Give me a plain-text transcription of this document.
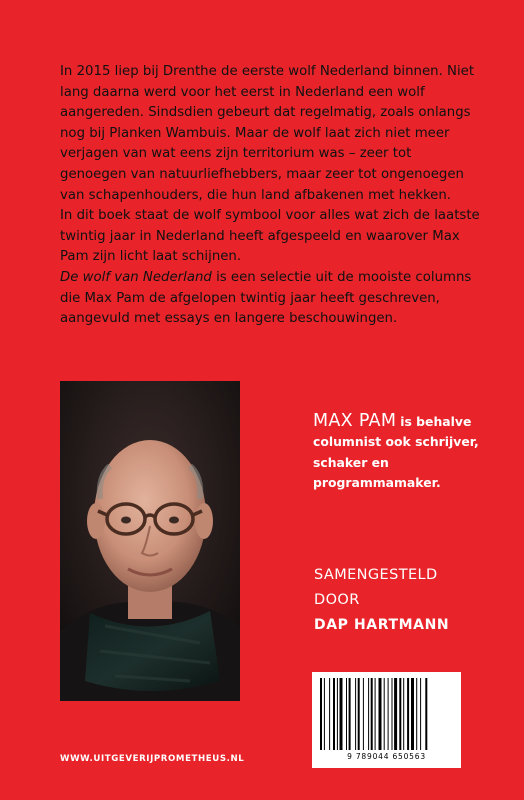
In 2015 liep bij Drenthe de eerste wolf Nederland binnen. Niet lang daarna werd voor het eerst in Nederland een wolf aangereden. Sindsdien gebeurt dat regelmatig, zoals onlangs nog bij Planken Wambuis. Maar de wolf laat zich niet meer verjagen van wat eens zijn territorium was – zeer tot genoegen van natuurliefhebbers, maar zeer tot ongenoegen van schapenhouders, die hun land afbakenen met hekken.

In dit boek staat de wolf symbool voor alles wat zich de laatste twintig jaar in Nederland heeft afgespeeld en waarover Max Pam zijn licht laat schijnen.

De wolf van Nederland is een selectie uit de mooiste columns die Max Pam de afgelopen twintig jaar heeft geschreven, aangevuld met essays en langere beschouwingen.

MAX PAM is behalve columnist ook schrijver, schaker en programmamaker.
SAMENGESTELD
DOOR
DAP HARTMANN
WWW.UITGEVERIJPROMETHEUS.NL	9 789044 650563
